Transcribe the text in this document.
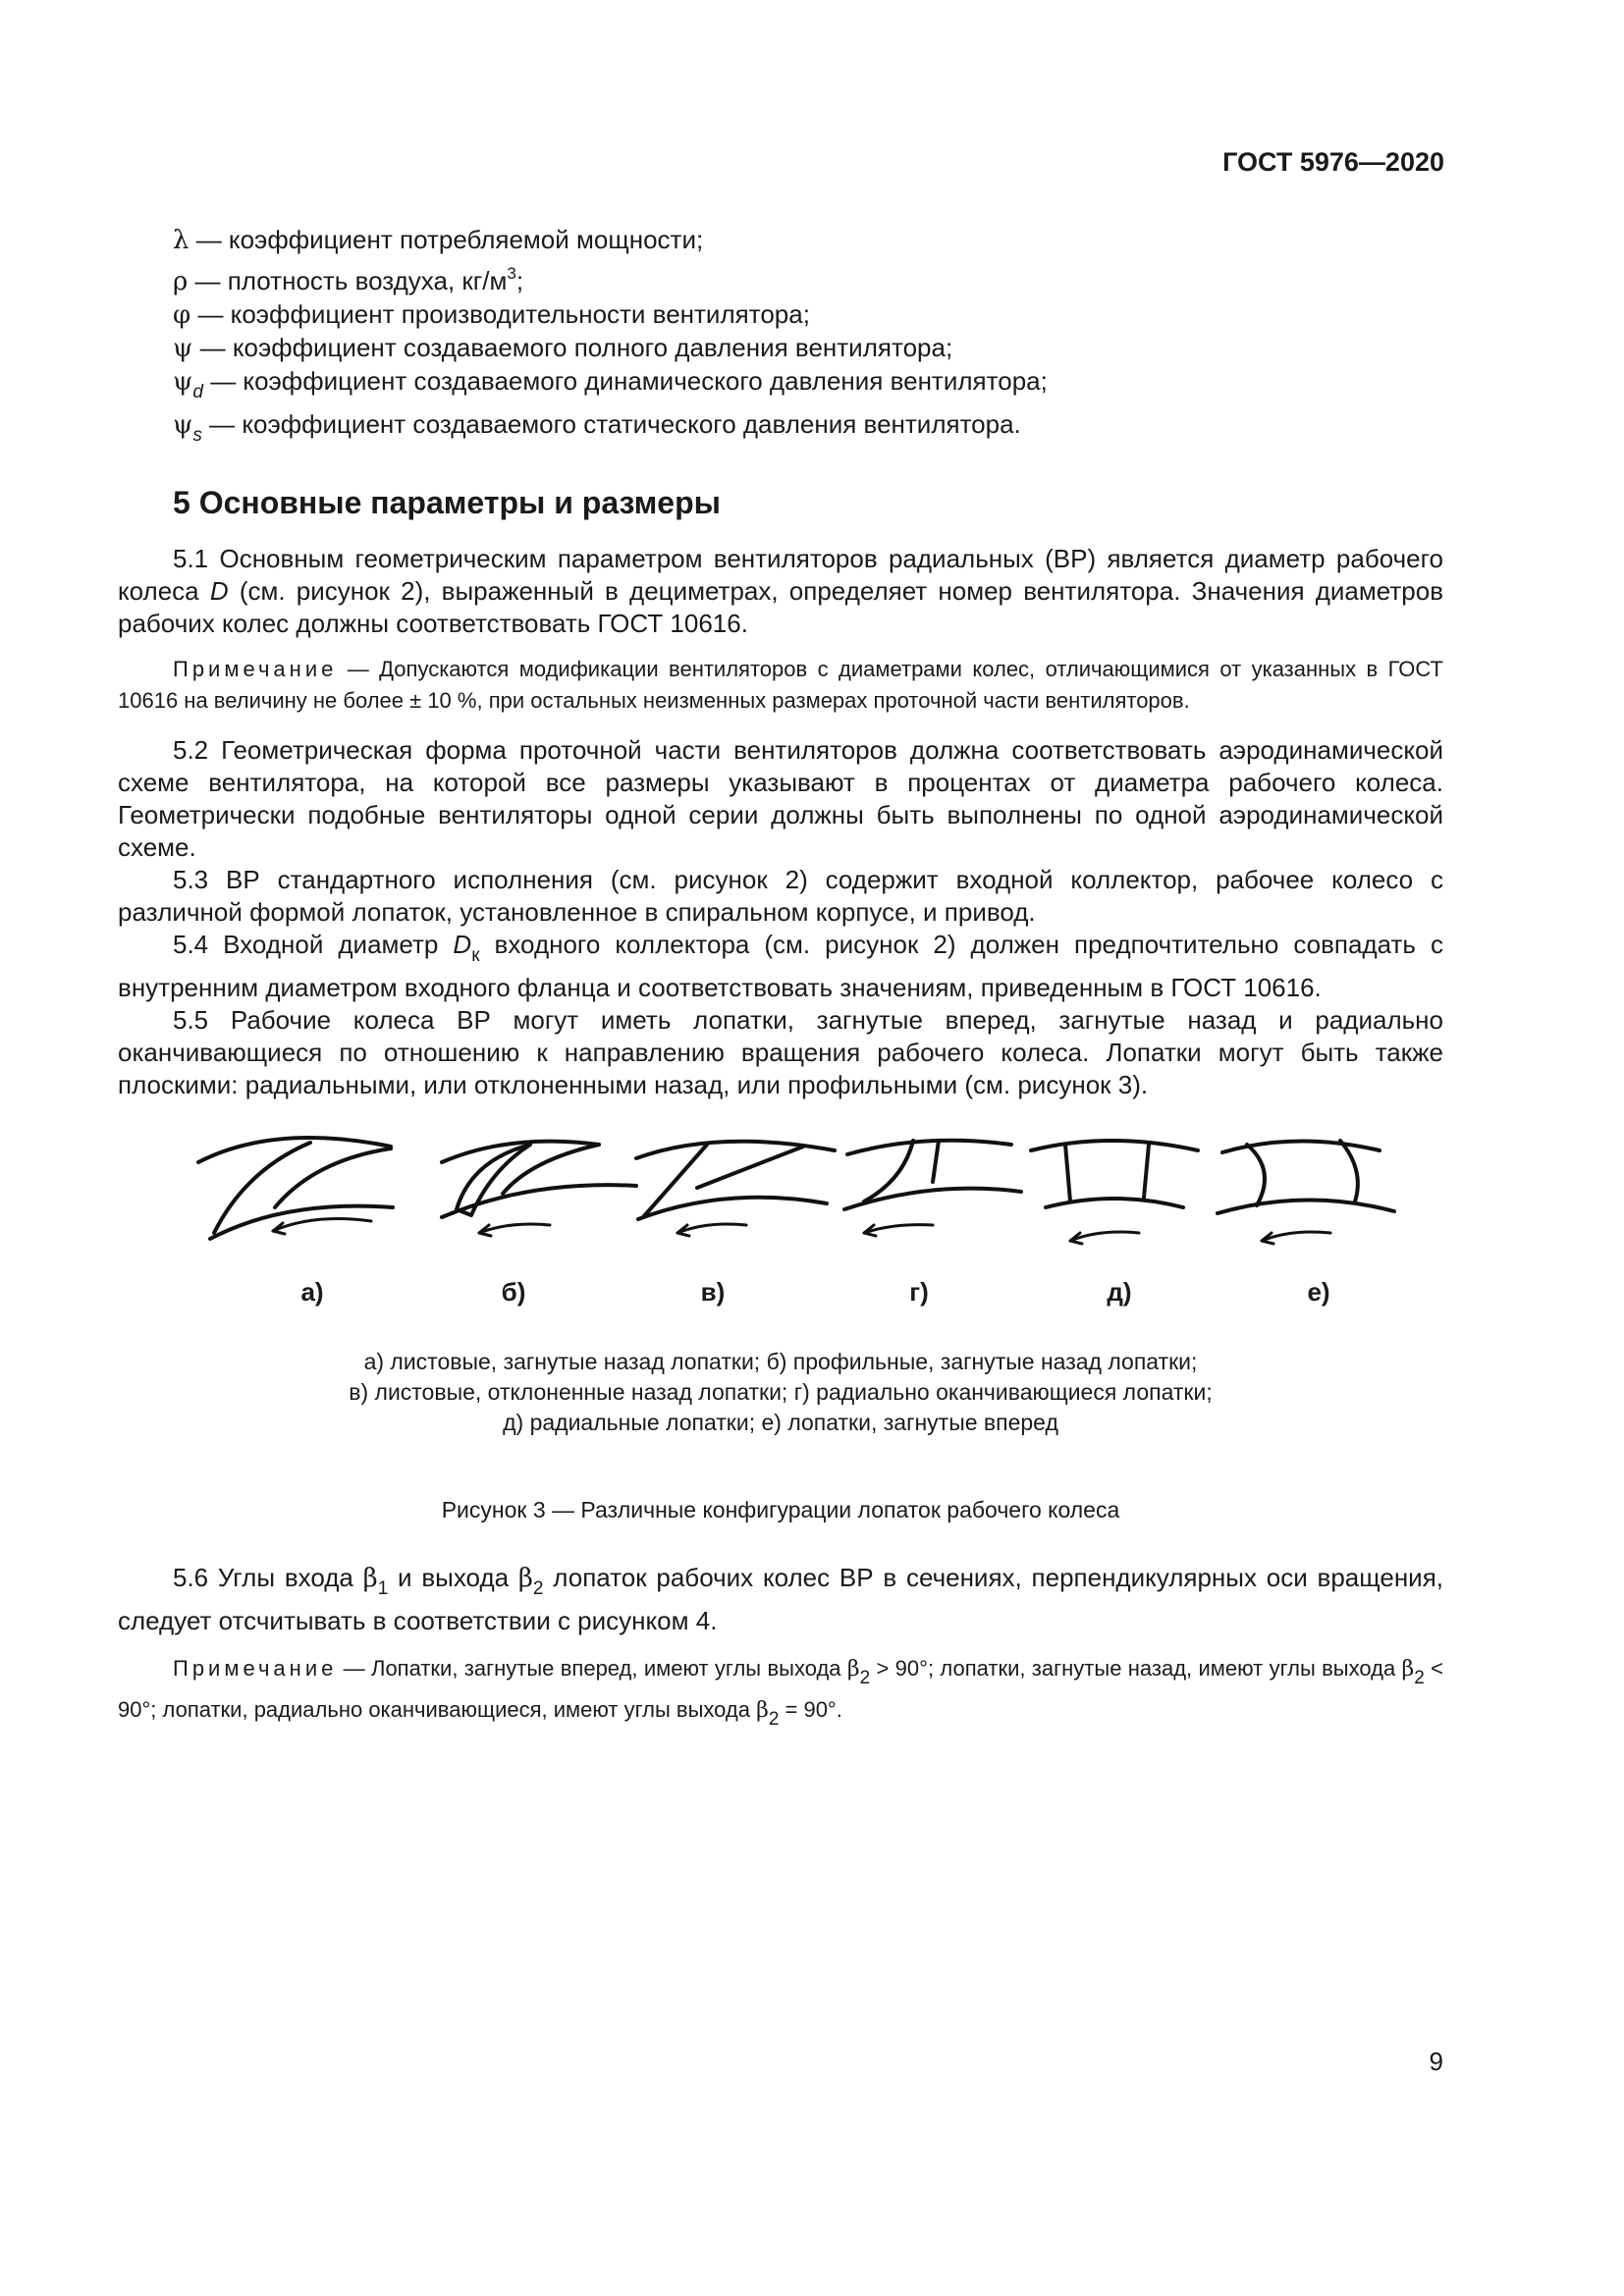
ГОСТ 5976—2020
λ — коэффициент потребляемой мощности;
ρ — плотность воздуха, $кг/м^3$;
φ — коэффициент производительности вентилятора;
ψ — коэффициент создаваемого полного давления вентилятора;
$\psi_d$ — коэффициент создаваемого динамического давления вентилятора;
$\psi_s$ — коэффициент создаваемого статического давления вентилятора.
5 Основные параметры и размеры

5.1 Основным геометрическим параметром вентиляторов радиальных (ВР) является диаметр рабочего колеса D (см. рисунок 2), выраженный в дециметрах, определяет номер вентилятора. Значения диаметров рабочих колес должны соответствовать ГОСТ 10616.

Примечание — Допускаются модификации вентиляторов с диаметрами колес, отличающимися от указанных в ГОСТ 10616 на величину не более ± 10 %, при остальных неизменных размерах проточной части вентиляторов.

5.2 Геометрическая форма проточной части вентиляторов должна соответствовать аэродинамической схеме вентилятора, на которой все размеры указывают в процентах от диаметра рабочего колеса. Геометрически подобные вентиляторы одной серии должны быть выполнены по одной аэродинамической схеме.

5.3 ВР стандартного исполнения (см. рисунок 2) содержит входной коллектор, рабочее колесо с различной формой лопаток, установленное в спиральном корпусе, и привод.

5.4 Входной диаметр $D_к$ входного коллектора (см. рисунок 2) должен предпочтительно совпадать с внутренним диаметром входного фланца и соответствовать значениям, приведенным в ГОСТ 10616.

5.5 Рабочие колеса ВР могут иметь лопатки, загнутые вперед, загнутые назад и радиально оканчивающиеся по отношению к направлению вращения рабочего колеса. Лопатки могут быть также плоскими: радиальными, или отклоненными назад, или профильными (см. рисунок 3).

а)	б)	в)	г)	д)	е)
а) листовые, загнутые назад лопатки; б) профильные, загнутые назад лопатки;
в) листовые, отклоненные назад лопатки; г) радиально оканчивающиеся лопатки;
д) радиальные лопатки; е) лопатки, загнутые вперед
Рисунок 3 — Различные конфигурации лопаток рабочего колеса

5.6 Углы входа $\beta_1$ и выхода $\beta_2$ лопаток рабочих колес ВР в сечениях, перпендикулярных оси вращения, следует отсчитывать в соответствии с рисунком 4.

Примечание — Лопатки, загнутые вперед, имеют углы выхода β2 > 90°; лопатки, загнутые назад, имеют углы выхода β2 < 90°; лопатки, радиально оканчивающиеся, имеют углы выхода β2 = 90°.
9
